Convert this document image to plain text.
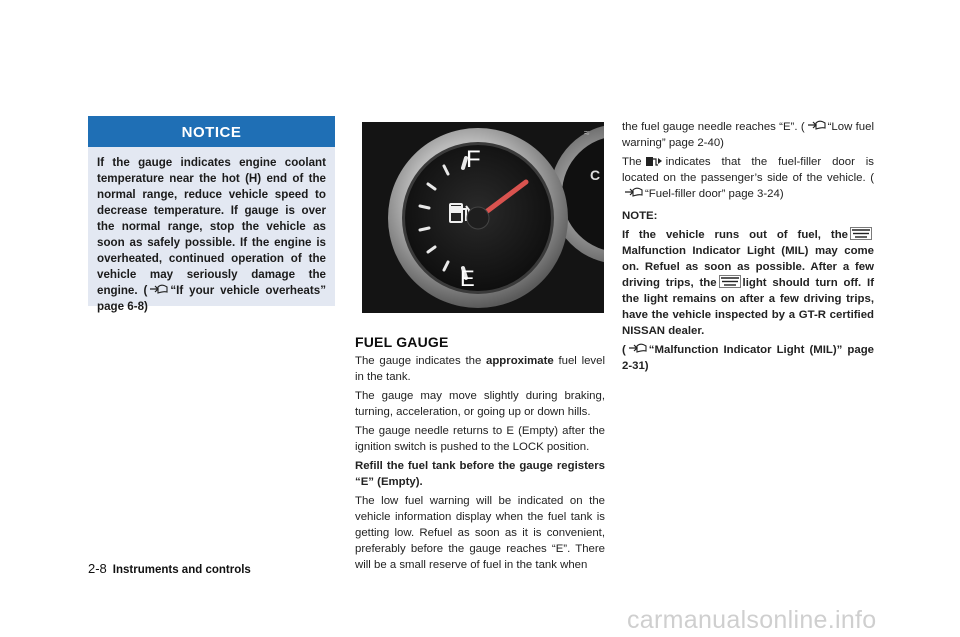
NOTICE
If the gauge indicates engine coolant temperature near the hot (H) end of the normal range, reduce vehicle speed to decrease temperature. If gauge is over the normal range, stop the vehicle as soon as safely possible. If the engine is overheated, continued operation of the vehicle may seriously damage the engine. ( “If your vehicle overheats” page 6-8)
C
≈
F
E

FUEL GAUGE

The gauge indicates the approximate fuel level in the tank.

The gauge may move slightly during braking, turning, acceleration, or going up or down hills.

The gauge needle returns to E (Empty) after the ignition switch is pushed to the LOCK position.

Refill the fuel tank before the gauge registers “E” (Empty).

The low fuel warning will be indicated on the vehicle information display when the fuel tank is getting low. Refuel as soon as it is convenient, preferably before the gauge reaches “E”. There will be a small reserve of fuel in the tank when

the fuel gauge needle reaches “E”. ( “Low fuel warning” page 2-40)

The indicates that the fuel-filler door is located on the passenger’s side of the vehicle. (“Fuel-filler door” page 3-24)

NOTE:

If the vehicle runs out of fuel, theMalfunction Indicator Light (MIL) may come on. Refuel as soon as possible. After a few driving trips, the light should turn off. If the light remains on after a few driving trips, have the vehicle inspected by a GT-R certified NISSAN dealer.

( “Malfunction Indicator Light (MIL)” page 2-31)

2-8 Instruments and controls
carmanualsonline.info
